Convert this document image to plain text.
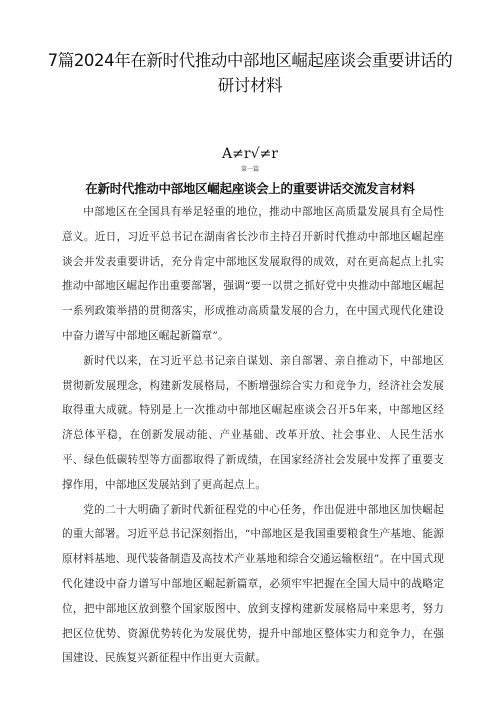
7篇2024年在新时代推动中部地区崛起座谈会重要讲话的研讨材料
A≠r√≠r
第一篇
在新时代推动中部地区崛起座谈会上的重要讲话交流发言材料

中部地区在全国具有举足轻重的地位，推动中部地区高质量发展具有全局性意义。近日，习近平总书记在湖南省长沙市主持召开新时代推动中部地区崛起座谈会并发表重要讲话，充分肯定中部地区发展取得的成效，对在更高起点上扎实推动中部地区崛起作出重要部署，强调“要一以贯之抓好党中央推动中部地区崛起一系列政策举措的贯彻落实，形成推动高质量发展的合力，在中国式现代化建设中奋力谱写中部地区崛起新篇章”。

新时代以来，在习近平总书记亲自谋划、亲自部署、亲自推动下，中部地区贯彻新发展理念，构建新发展格局，不断增强综合实力和竞争力，经济社会发展取得重大成就。特别是上一次推动中部地区崛起座谈会召开5年来，中部地区经济总体平稳，在创新发展动能、产业基础、改革开放、社会事业、人民生活水平、绿色低碳转型等方面都取得了新成绩，在国家经济社会发展中发挥了重要支撑作用，中部地区发展站到了更高起点上。

党的二十大明确了新时代新征程党的中心任务，作出促进中部地区加快崛起的重大部署。习近平总书记深刻指出，“中部地区是我国重要粮食生产基地、能源原材料基地、现代装备制造及高技术产业基地和综合交通运输枢纽”。在中国式现代化建设中奋力谱写中部地区崛起新篇章，必须牢牢把握在全国大局中的战略定位，把中部地区放到整个国家版图中、放到支撑构建新发展格局中来思考，努力把区位优势、资源优势转化为发展优势，提升中部地区整体实力和竞争力，在强国建设、民族复兴新征程中作出更大贡献。
